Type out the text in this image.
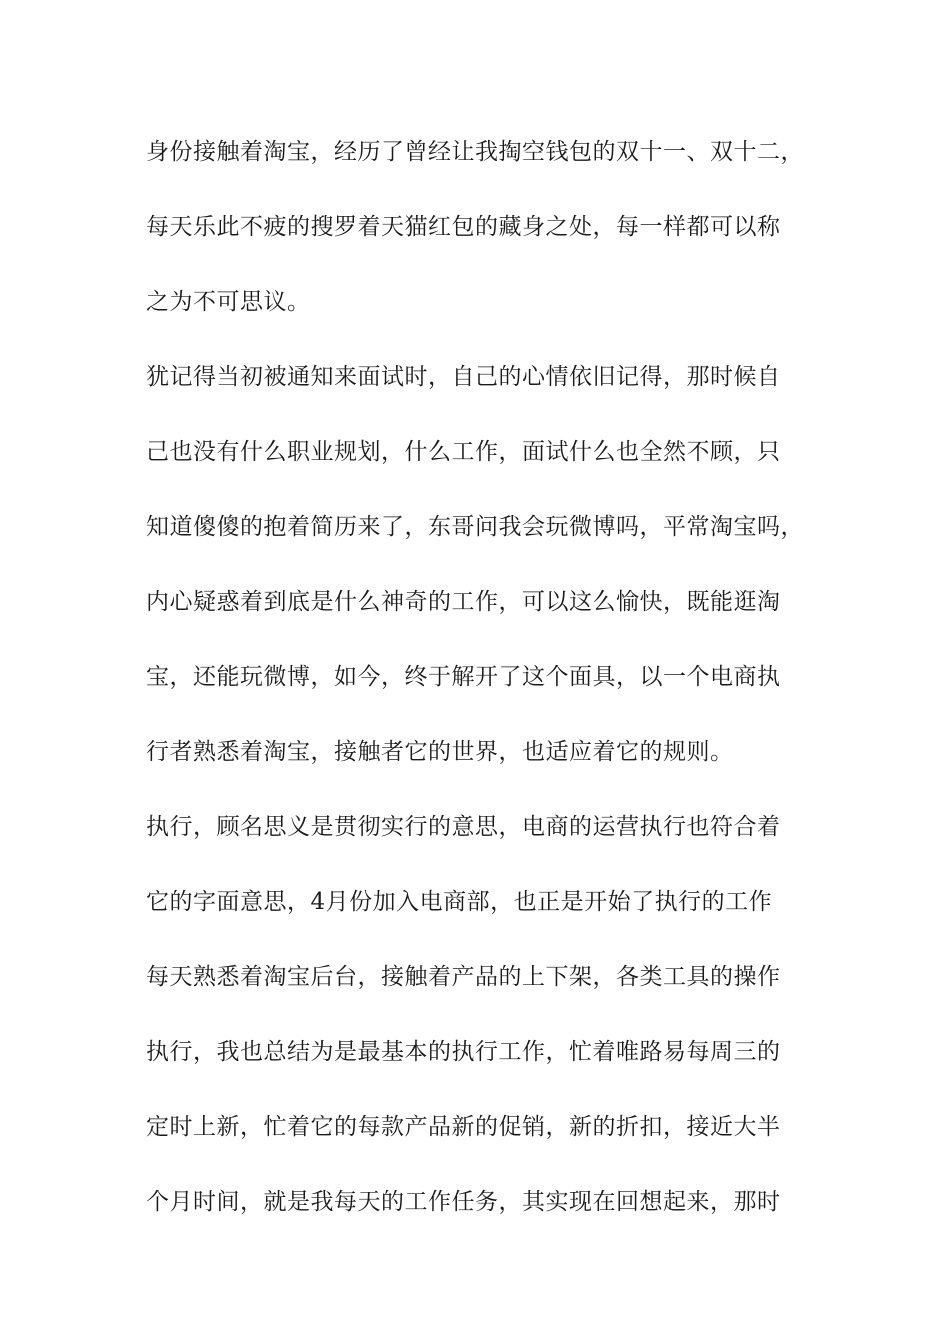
身份接触着淘宝，经历了曾经让我掏空钱包的双十一、双十二，
每天乐此不疲的搜罗着天猫红包的藏身之处，每一样都可以称
之为不可思议。
犹记得当初被通知来面试时，自己的心情依旧记得，那时候自
己也没有什么职业规划，什么工作，面试什么也全然不顾，只
知道傻傻的抱着简历来了，东哥问我会玩微博吗，平常淘宝吗，
内心疑惑着到底是什么神奇的工作，可以这么愉快，既能逛淘
宝，还能玩微博，如今，终于解开了这个面具，以一个电商执
行者熟悉着淘宝，接触者它的世界，也适应着它的规则。
执行，顾名思义是贯彻实行的意思，电商的运营执行也符合着
它的字面意思，4月份加入电商部，也正是开始了执行的工作
每天熟悉着淘宝后台，接触着产品的上下架，各类工具的操作
执行，我也总结为是最基本的执行工作，忙着唯路易每周三的
定时上新，忙着它的每款产品新的促销，新的折扣，接近大半
个月时间，就是我每天的工作任务，其实现在回想起来，那时
